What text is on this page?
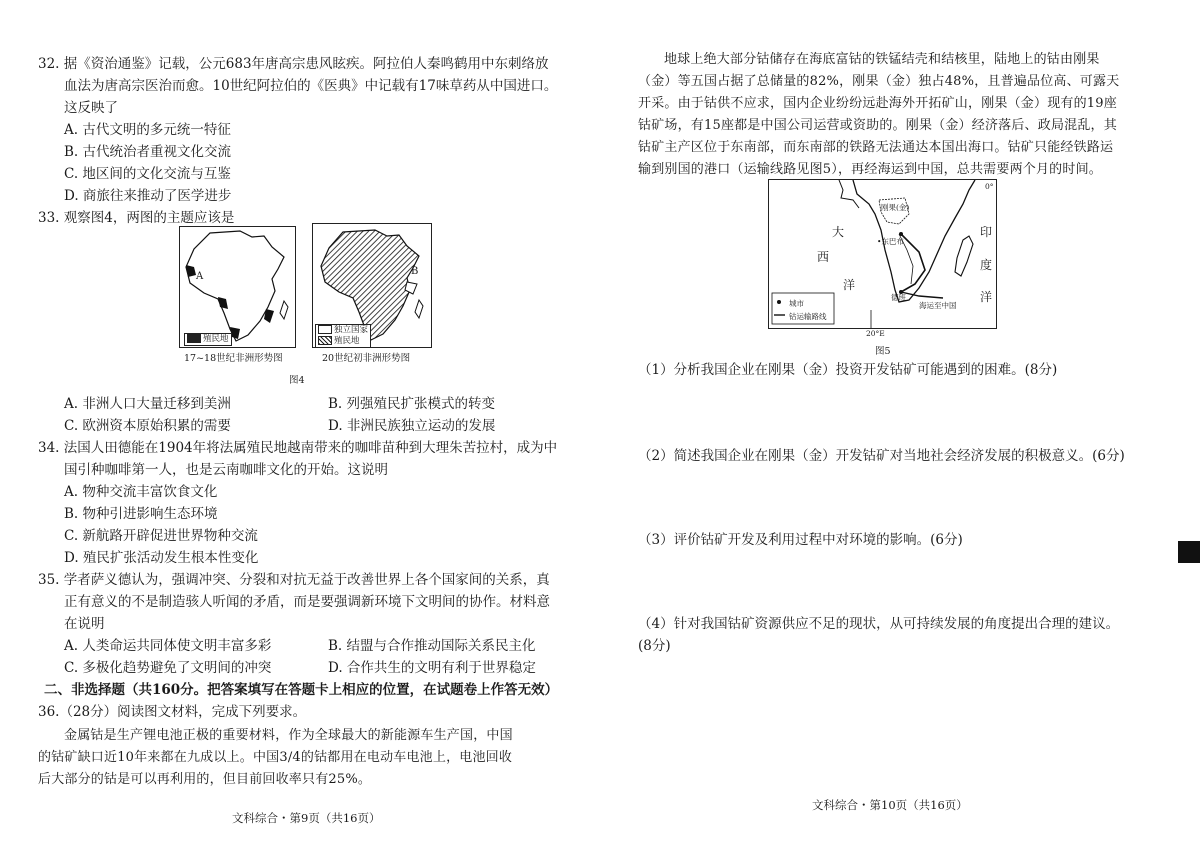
32. 据《资治通鉴》记载，公元683年唐高宗患风眩疾。阿拉伯人秦鸣鹤用中东刺络放
血法为唐高宗医治而愈。10世纪阿拉伯的《医典》中记载有17味草药从中国进口。
这反映了
A. 古代文明的多元统一特征
B. 古代统治者重视文化交流
C. 地区间的文化交流与互鉴
D. 商旅往来推动了医学进步
33. 观察图4，两图的主题应该是
A
殖民地
17~18世纪非洲形势图
B
独立国家
殖民地
20世纪初非洲形势图
图4
A. 非洲人口大量迁移到美洲	B. 列强殖民扩张模式的转变
C. 欧洲资本原始积累的需要	D. 非洲民族独立运动的发展
34. 法国人田德能在1904年将法属殖民地越南带来的咖啡苗种到大理朱苦拉村，成为中
国引种咖啡第一人，也是云南咖啡文化的开始。这说明
A. 物种交流丰富饮食文化
B. 物种引进影响生态环境
C. 新航路开辟促进世界物种交流
D. 殖民扩张活动发生根本性变化
35. 学者萨义德认为，强调冲突、分裂和对抗无益于改善世界上各个国家间的关系，真
正有意义的不是制造骇人听闻的矛盾，而是要强调新环境下文明间的协作。材料意
在说明
A. 人类命运共同体使文明丰富多彩	B. 结盟与合作推动国际关系民主化
C. 多极化趋势避免了文明间的冲突	D. 合作共生的文明有利于世界稳定
二、非选择题（共160分。把答案填写在答题卡上相应的位置，在试题卷上作答无效）
36.（28分）阅读图文材料，完成下列要求。
金属钴是生产锂电池正极的重要材料，作为全球最大的新能源车生产国，中国
的钴矿缺口近10年来都在九成以上。中国3/4的钴都用在电动车电池上，电池回收
后大部分的钴是可以再利用的，但目前回收率只有25%。
文科综合・第9页（共16页）
地球上绝大部分钴储存在海底富钴的铁锰结壳和结核里，陆地上的钴由刚果
（金）等五国占据了总储量的82%，刚果（金）独占48%，且普遍品位高、可露天
开采。由于钴供不应求，国内企业纷纷远赴海外开拓矿山，刚果（金）现有的19座
钴矿场，有15座都是中国公司运营或资助的。刚果（金）经济落后、政局混乱，其
钴矿主产区位于东南部，而东南部的铁路无法通达本国出海口。钴矿只能经铁路运
输到别国的港口（运输线路见图5），再经海运到中国，总共需要两个月的时间。
大
西
洋
印
度
洋
刚果(金)
•东巴布
德班
海运至中国
城市
钴运输路线
0°
20°E
图5
（1）分析我国企业在刚果（金）投资开发钴矿可能遇到的困难。(8分)
（2）简述我国企业在刚果（金）开发钴矿对当地社会经济发展的积极意义。(6分)
（3）评价钴矿开发及利用过程中对环境的影响。(6分)
（4）针对我国钴矿资源供应不足的现状，从可持续发展的角度提出合理的建议。
(8分)
文科综合・第10页（共16页）
